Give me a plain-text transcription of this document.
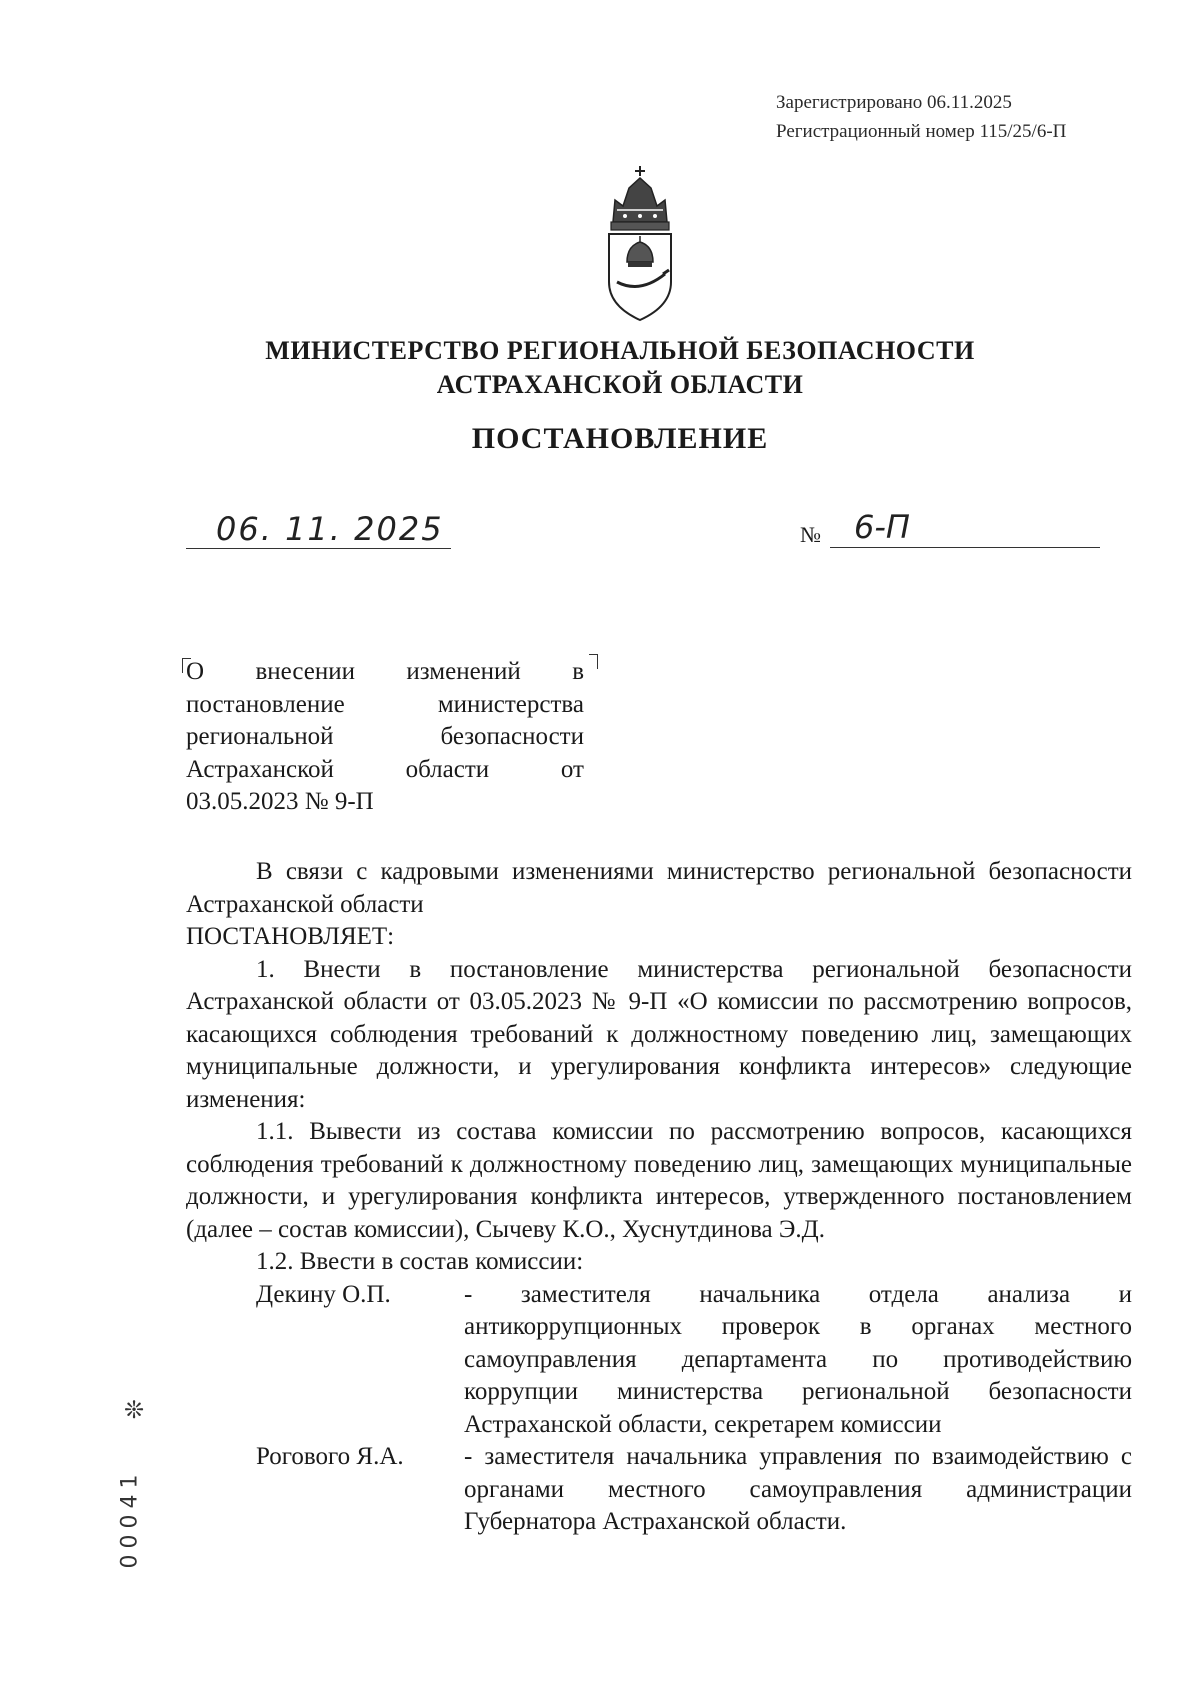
Зарегистрировано 06.11.2025
Регистрационный номер 115/25/6-П
МИНИСТЕРСТВО РЕГИОНАЛЬНОЙ БЕЗОПАСНОСТИ
АСТРАХАНСКОЙ ОБЛАСТИ
ПОСТАНОВЛЕНИЕ
06. 11. 2025	№ 6-П
О внесении изменений в
постановление министерства
региональной безопасности
Астраханской области от
03.05.2023 № 9-П

В связи с кадровыми изменениями министерство региональной безопасности Астраханской области

ПОСТАНОВЛЯЕТ:

1. Внести в постановление министерства региональной безопасности Астраханской области от 03.05.2023 № 9-П «О комиссии по рассмотрению вопросов, касающихся соблюдения требований к должностному поведению лиц, замещающих муниципальные должности, и урегулирования конфликта интересов» следующие изменения:

1.1. Вывести из состава комиссии по рассмотрению вопросов, касающихся соблюдения требований к должностному поведению лиц, замещающих муниципальные должности, и урегулирования конфликта интересов, утвержденного постановлением (далее – состав комиссии), Сычеву К.О., Хуснутдинова Э.Д.

1.2. Ввести в состав комиссии:

Декину О.П.	- заместителя начальника отдела анализа и антикоррупционных проверок в органах местного самоуправления департамента по противодействию коррупции министерства региональной безопасности Астраханской области, секретарем комиссии
Рогового Я.А.	- заместителя начальника управления по взаимодействию с органами местного самоуправления администрации Губернатора Астраханской области.
❊
00041
